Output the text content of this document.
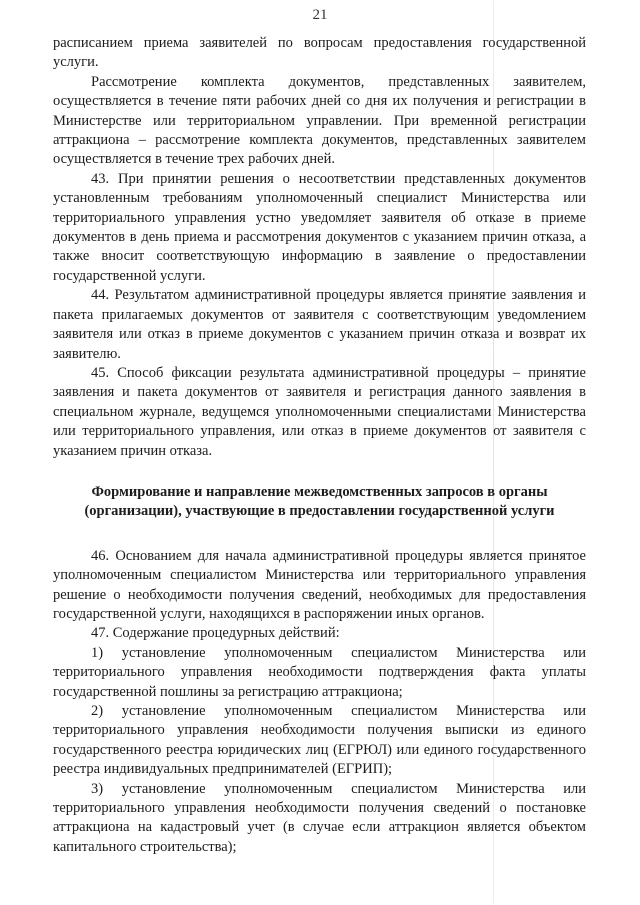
21

расписанием приема заявителей по вопросам предоставления государственной услуги.

Рассмотрение комплекта документов, представленных заявителем, осуществляется в течение пяти рабочих дней со дня их получения и регистрации в Министерстве или территориальном управлении. При временной регистрации аттракциона – рассмотрение комплекта документов, представленных заявителем осуществляется в течение трех рабочих дней.

43. При принятии решения о несоответствии представленных документов установленным требованиям уполномоченный специалист Министерства или территориального управления устно уведомляет заявителя об отказе в приеме документов в день приема и рассмотрения документов с указанием причин отказа, а также вносит соответствующую информацию в заявление о предоставлении государственной услуги.

44. Результатом административной процедуры является принятие заявления и пакета прилагаемых документов от заявителя с соответствующим уведомлением заявителя или отказ в приеме документов с указанием причин отказа и возврат их заявителю.

45. Способ фиксации результата административной процедуры – принятие заявления и пакета документов от заявителя и регистрация данного заявления в специальном журнале, ведущемся уполномоченными специалистами Министерства или территориального управления, или отказ в приеме документов от заявителя с указанием причин отказа.

Формирование и направление межведомственных запросов в органы (организации), участвующие в предоставлении государственной услуги

46. Основанием для начала административной процедуры является принятое уполномоченным специалистом Министерства или территориального управления решение о необходимости получения сведений, необходимых для предоставления государственной услуги, находящихся в распоряжении иных органов.

47. Содержание процедурных действий:

1) установление уполномоченным специалистом Министерства или территориального управления необходимости подтверждения факта уплаты государственной пошлины за регистрацию аттракциона;

2) установление уполномоченным специалистом Министерства или территориального управления необходимости получения выписки из единого государственного реестра юридических лиц (ЕГРЮЛ) или единого государственного реестра индивидуальных предпринимателей (ЕГРИП);

3) установление уполномоченным специалистом Министерства или территориального управления необходимости получения сведений о постановке аттракциона на кадастровый учет (в случае если аттракцион является объектом капитального строительства);
